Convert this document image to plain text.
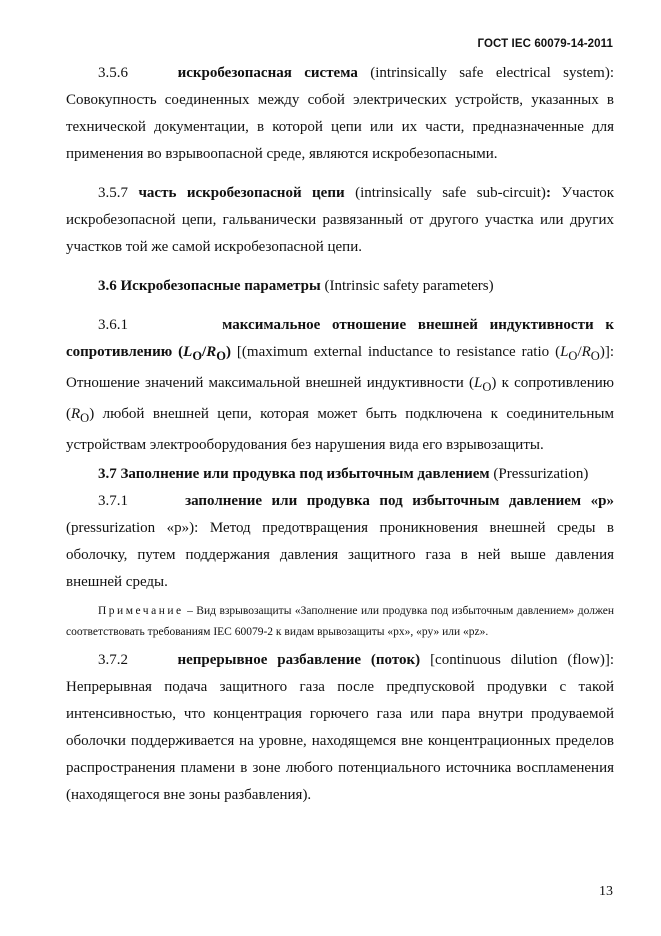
ГОСТ IEC 60079-14-2011

3.5.6	искробезопасная система (intrinsically safe electrical system): Совокупность соединенных между собой электрических устройств, указанных в технической документации, в которой цепи или их части, предназначенные для применения во взрывоопасной среде, являются искробезопасными.

3.5.7 часть искробезопасной цепи (intrinsically safe sub-circuit): Участок искробезопасной цепи, гальванически развязанный от другого участка или других участков той же самой искробезопасной цепи.

3.6 Искробезопасные параметры (Intrinsic safety parameters)

3.6.1	максимальное отношение внешней индуктивности к сопротивлению $(L_O/R_O)$ [(maximum external inductance to resistance ratio $(L_O/R_O)$]: Отношение значений максимальной внешней индуктивности $(L_O)$ к сопротивлению $(R_O)$ любой внешней цепи, которая может быть подключена к соединительным устройствам электрооборудования без нарушения вида его взрывозащиты.

3.7 Заполнение или продувка под избыточным давлением (Pressurization)

3.7.1	заполнение или продувка под избыточным давлением «р» (pressurization «р»): Метод предотвращения проникновения внешней среды в оболочку, путем поддержания давления защитного газа в ней выше давления внешней среды.

Примечание – Вид взрывозащиты «Заполнение или продувка под избыточным давлением» должен соответствовать требованиям IEC 60079-2 к видам врывозащиты «рх», «ру» или «pz».

3.7.2	непрерывное разбавление (поток) [continuous dilution (flow)]: Непрерывная подача защитного газа после предпусковой продувки с такой интенсивностью, что концентрация горючего газа или пара внутри продуваемой оболочки поддерживается на уровне, находящемся вне концентрационных пределов распространения пламени в зоне любого потенциального источника воспламенения (находящегося вне зоны разбавления).

13
